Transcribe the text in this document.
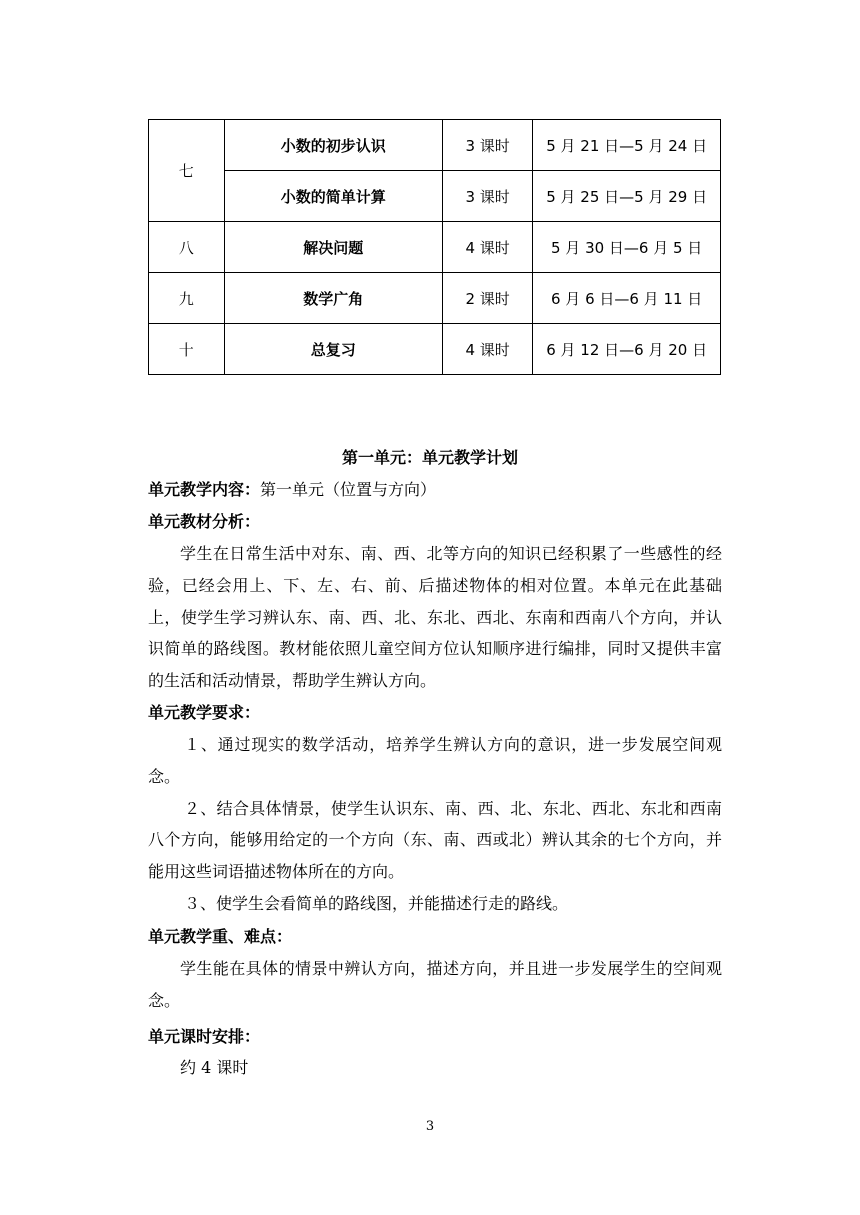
七	小数的初步认识	3 课时	5 月 21 日—5 月 24 日
	小数的简单计算	3 课时	5 月 25 日—5 月 29 日
八	解决问题	4 课时	5 月 30 日—6 月 5 日
九	数学广角	2 课时	6 月 6 日—6 月 11 日
十	总复习	4 课时	6 月 12 日—6 月 20 日
第一单元：单元教学计划
单元教学内容：第一单元（位置与方向）
单元教材分析：

学生在日常生活中对东、南、西、北等方向的知识已经积累了一些感性的经验，已经会用上、下、左、右、前、后描述物体的相对位置。本单元在此基础上，使学生学习辨认东、南、西、北、东北、西北、东南和西南八个方向，并认识简单的路线图。教材能依照儿童空间方位认知顺序进行编排，同时又提供丰富的生活和活动情景，帮助学生辨认方向。

单元教学要求：

１、通过现实的数学活动，培养学生辨认方向的意识，进一步发展空间观念。

２、结合具体情景，使学生认识东、南、西、北、东北、西北、东北和西南八个方向，能够用给定的一个方向（东、南、西或北）辨认其余的七个方向，并能用这些词语描述物体所在的方向。

３、使学生会看简单的路线图，并能描述行走的路线。

单元教学重、难点：

学生能在具体的情景中辨认方向，描述方向，并且进一步发展学生的空间观念。

单元课时安排：
约 4 课时
3
